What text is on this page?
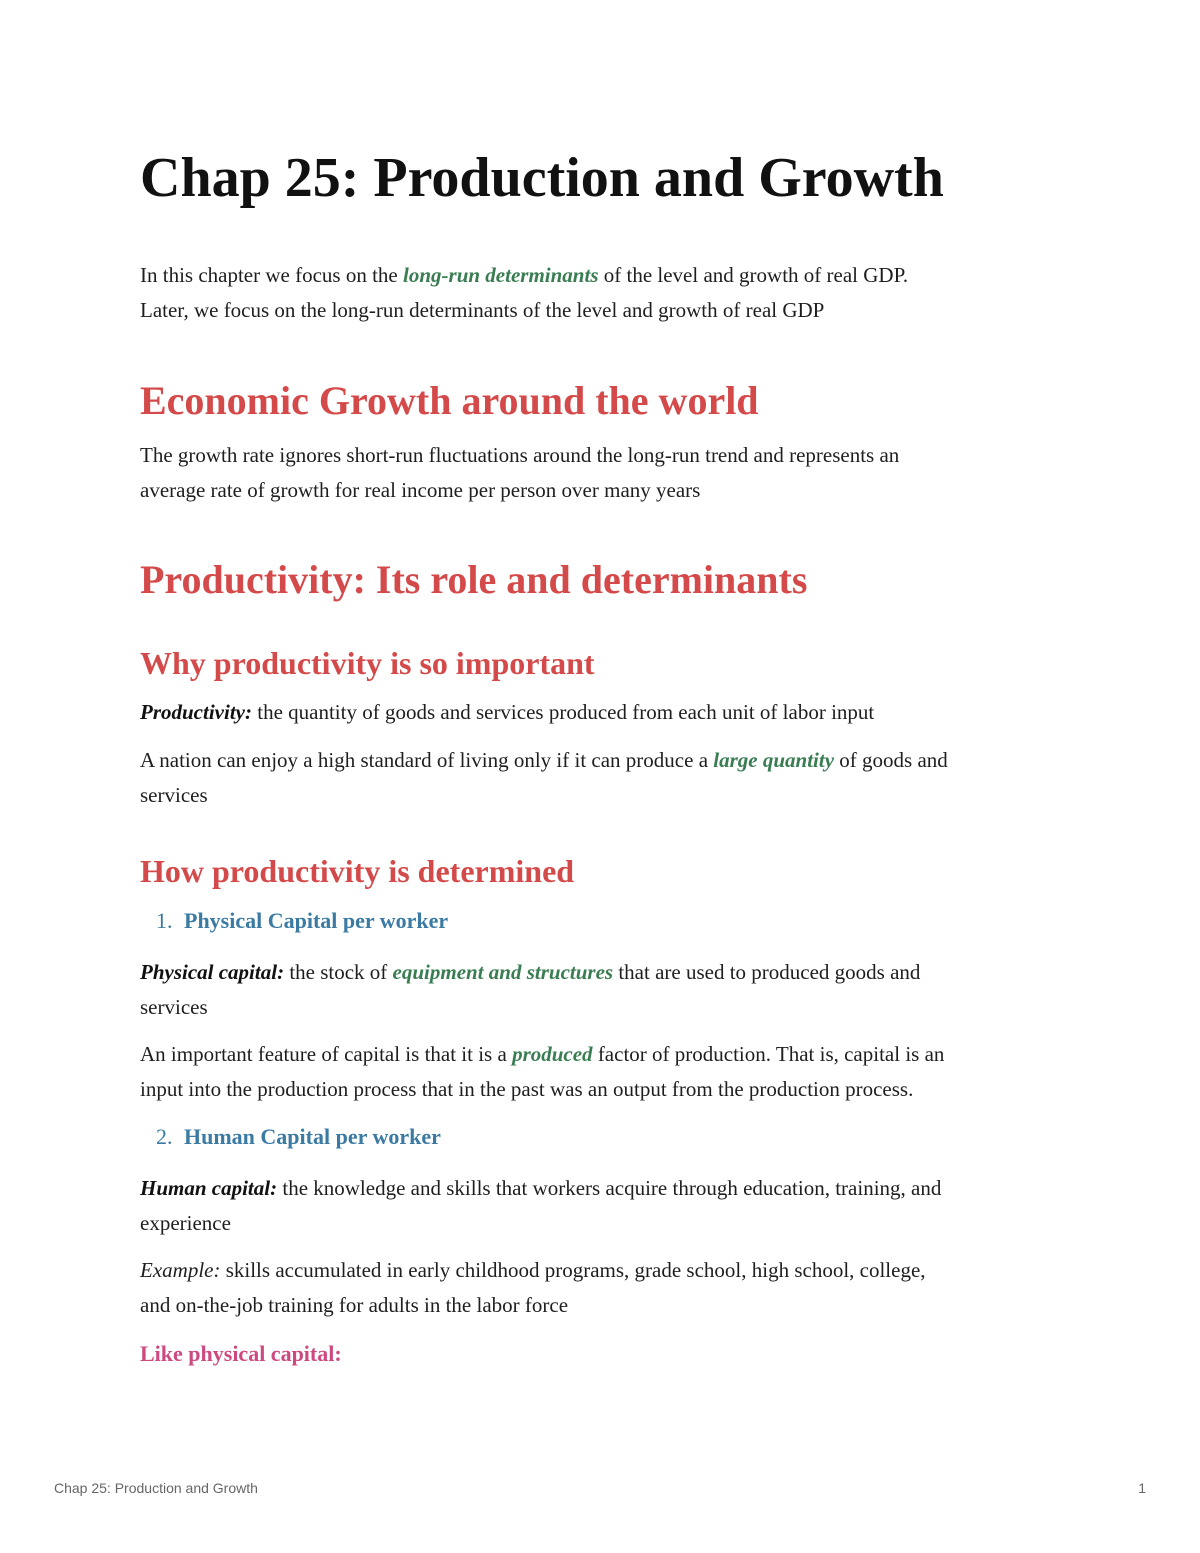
Chap 25: Production and Growth

In this chapter we focus on the long-run determinants of the level and growth of real GDP.

Later, we focus on the long-run determinants of the level and growth of real GDP

Economic Growth around the world

The growth rate ignores short-run fluctuations around the long-run trend and represents an

average rate of growth for real income per person over many years

Productivity: Its role and determinants
Why productivity is so important

Productivity: the quantity of goods and services produced from each unit of labor input

A nation can enjoy a high standard of living only if it can produce a large quantity of goods and

services

How productivity is determined
1. Physical Capital per worker

Physical capital: the stock of equipment and structures that are used to produced goods and

services

An important feature of capital is that it is a produced factor of production. That is, capital is an

input into the production process that in the past was an output from the production process.

2. Human Capital per worker

Human capital: the knowledge and skills that workers acquire through education, training, and

experience

Example: skills accumulated in early childhood programs, grade school, high school, college,

and on-the-job training for adults in the labor force

Like physical capital:
Chap 25: Production and Growth	1
